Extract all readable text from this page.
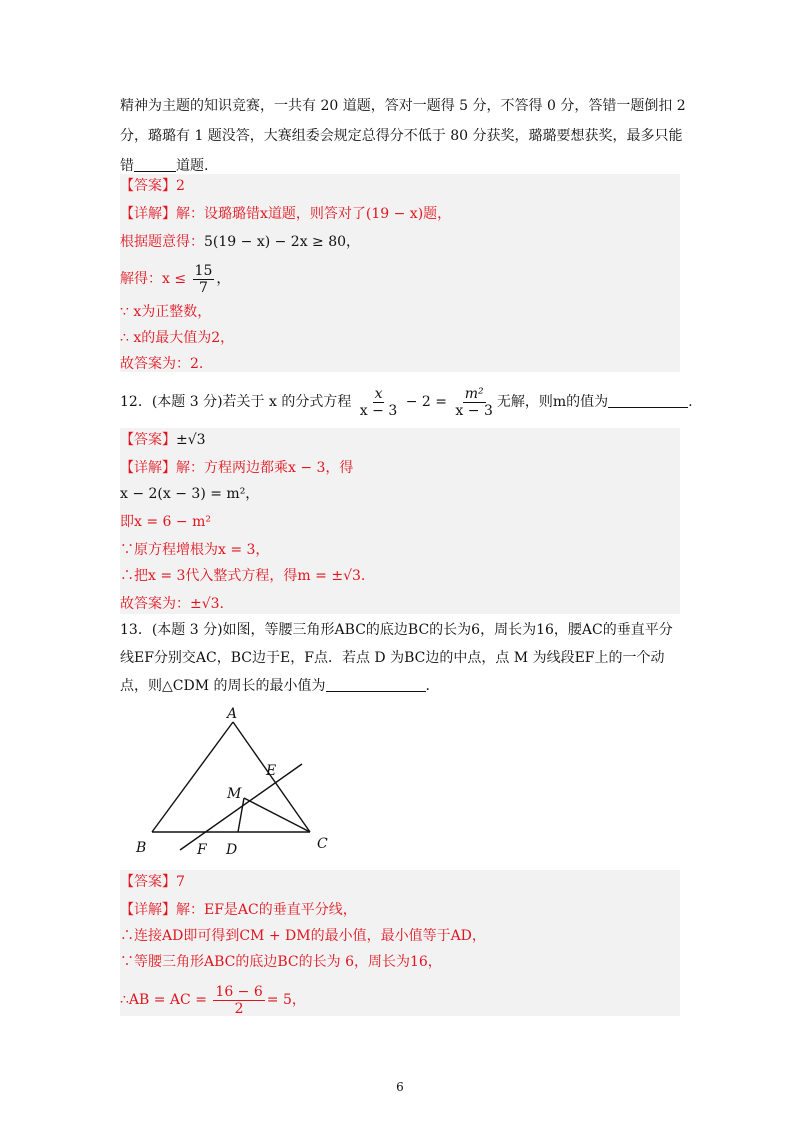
精神为主题的知识竞赛，一共有 20 道题，答对一题得 5 分，不答得 0 分，答错一题倒扣 2
分，璐璐有 1 题没答，大赛组委会规定总得分不低于 80 分获奖，璐璐要想获奖，最多只能
错	道题.
【答案】2
【详解】解：设璐璐错x道题，则答对了(19 − x)题，
根据题意得：5(19 − x) − 2x ≥ 80，
解得：$x \le \frac{15}{7}$ ，
∵ x为正整数，
∴ x的最大值为2，
故答案为：2.
12．(本题 3 分)若关于 x 的分式方程 $\frac{x}{x - 3} - 2 = \frac{\text{m²}}{x - 3}$ 无解，则m的值为	.
【答案】±√3
【详解】解：方程两边都乘x − 3，得
x − 2(x − 3) = m²，
即x = 6 − m²
∵原方程增根为x = 3，
∴把x = 3代入整式方程，得m = ±√3.
故答案为：±√3.
13．(本题 3 分)如图，等腰三角形ABC的底边BC的长为6，周长为16，腰AC的垂直平分
线EF分别交AC，BC边于E，F点．若点 D 为BC边的中点，点 M 为线段EF上的一个动
点，则△CDM 的周长的最小值为	.
A
E
M
B	F D	C
【答案】7
【详解】解：EF是AC的垂直平分线，
∴连接AD即可得到CM + DM的最小值，最小值等于AD，
∵等腰三角形ABC的底边BC的长为 6，周长为16，
∴AB = AC = $\frac{16 - 6}{2} = 5$，
6
